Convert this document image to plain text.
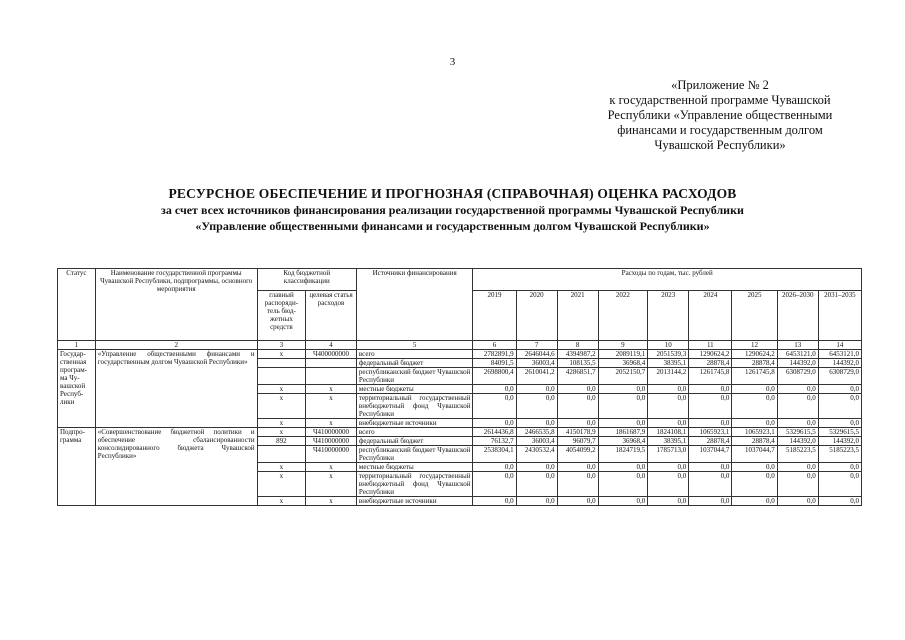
3
«Приложение № 2
к государственной программе Чувашской
Республики «Управление общественными
финансами и государственным долгом
Чувашской Республики»
РЕСУРСНОЕ ОБЕСПЕЧЕНИЕ И ПРОГНОЗНАЯ (СПРАВОЧНАЯ) ОЦЕНКА РАСХОДОВ
за счет всех источников финансирования реализации государственной программы Чувашской Республики
«Управление общественными финансами и государственным долгом Чувашской Республики»
Статус	Наименование государственной программы Чувашской Республики, подпрограммы, основного мероприятия	Код бюджетной классификации		Источники финансирования	Расходы по годам, тыс. рублей								
		главный распоряди-тель бюд-жетных средств	целевая статья расходов		2019	2020	2021	2022	2023	2024	2025	2026–2030	2031–2035
1	2	3	4	5	6	7	8	9	10	11	12	13	14
Государ-ственная програм-ма Чу-вашской Респуб-лики	«Управление общественными финансами и государственным долгом Чувашской Республики»	x	Ч400000000	всего	2782891,9	2646044,6	4394987,2	2089119,1	2051539,3	1290624,2	1290624,2	6453121,0	6453121,0
				федеральный бюджет	84091,5	36003,4	108135,5	36968,4	38395,1	28878,4	28878,4	144392,0	144392,0
				республиканский бюджет Чувашской Республики	2698800,4	2610041,2	4286851,7	2052150,7	2013144,2	1261745,8	1261745,8	6308729,0	6308729,0
		x	x	местные бюджеты	0,0	0,0	0,0	0,0	0,0	0,0	0,0	0,0	0,0
		x	x	территориальный государственный внебюджетный фонд Чувашской Республики	0,0	0,0	0,0	0,0	0,0	0,0	0,0	0,0	0,0
		x	x	внебюджетные источники	0,0	0,0	0,0	0,0	0,0	0,0	0,0	0,0	0,0
Подпро-грамма	«Совершенствование бюджетной политики и обеспечение сбалансированности консолидированного бюджета Чувашской Республики»	x	Ч410000000	всего	2614436,8	2466535,8	4150178,9	1861687,9	1824108,1	1065923,1	1065923,1	5329615,5	5329615,5
		892	Ч410000000	федеральный бюджет	76132,7	36003,4	96079,7	36968,4	38395,1	28878,4	28878,4	144392,0	144392,0
			Ч410000000	республиканский бюджет Чувашской Республики	2538304,1	2430532,4	4054099,2	1824719,5	1785713,0	1037044,7	1037044,7	5185223,5	5185223,5
		x	x	местные бюджеты	0,0	0,0	0,0	0,0	0,0	0,0	0,0	0,0	0,0
		x	x	территориальный государственный внебюджетный фонд Чувашской Республики	0,0	0,0	0,0	0,0	0,0	0,0	0,0	0,0	0,0
		x	x	внебюджетные источники	0,0	0,0	0,0	0,0	0,0	0,0	0,0	0,0	0,0
